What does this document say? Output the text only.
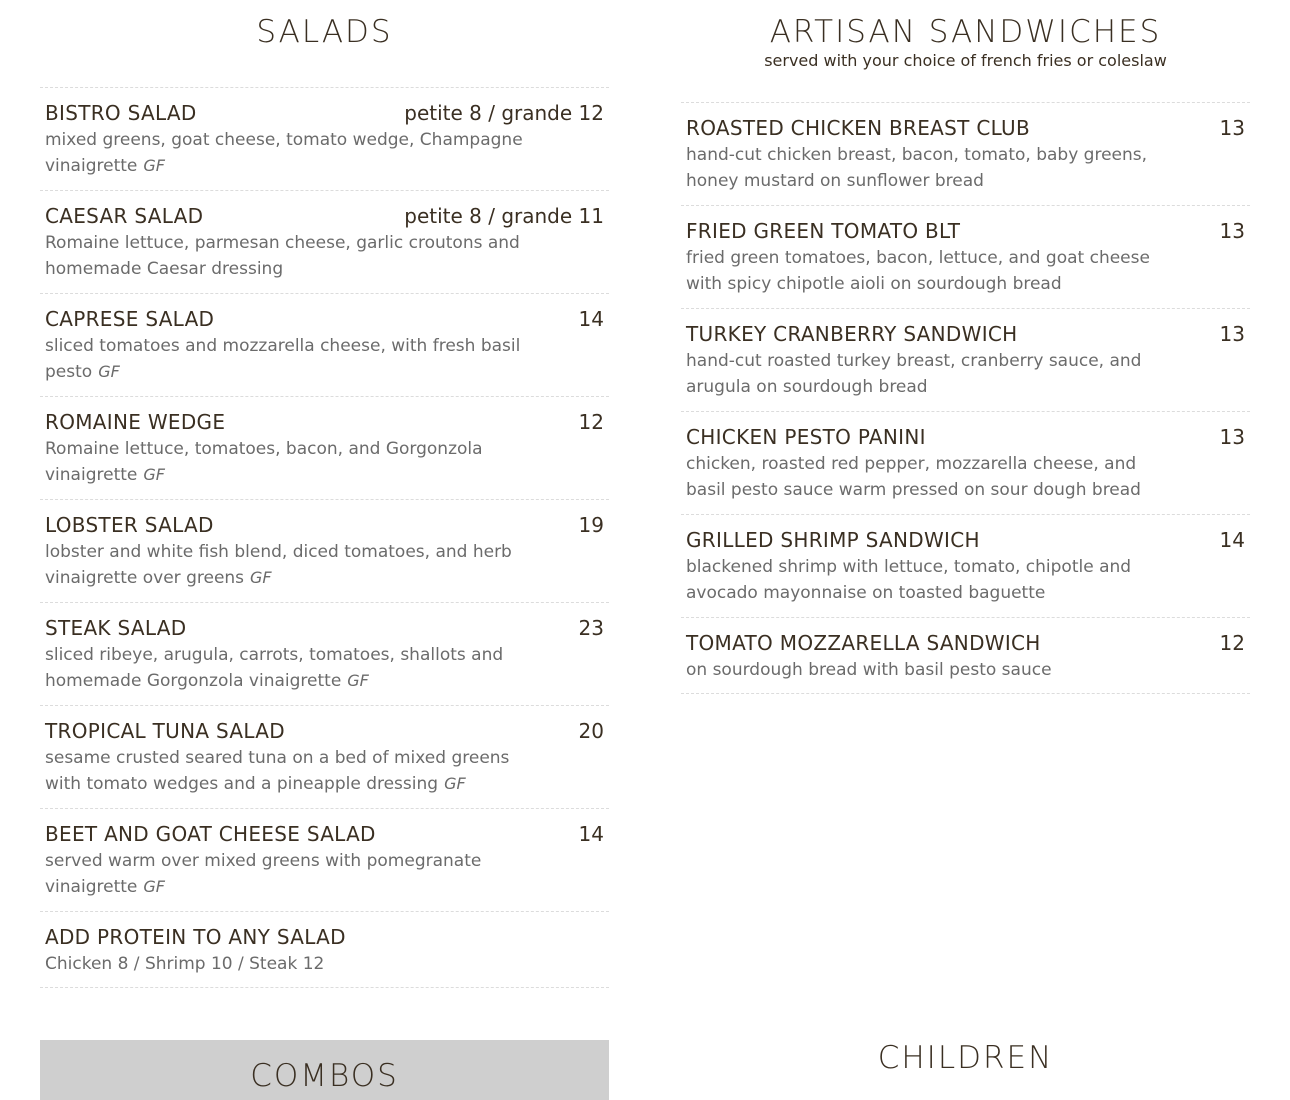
SALADS
BISTRO SALAD	petite 8 / grande 12
mixed greens, goat cheese, tomato wedge, Champagne vinaigrette GF
CAESAR SALAD	petite 8 / grande 11
Romaine lettuce, parmesan cheese, garlic croutons and homemade Caesar dressing
CAPRESE SALAD	14
sliced tomatoes and mozzarella cheese, with fresh basil pesto GF
ROMAINE WEDGE	12
Romaine lettuce, tomatoes, bacon, and Gorgonzola vinaigrette GF
LOBSTER SALAD	19
lobster and white fish blend, diced tomatoes, and herb vinaigrette over greens GF
STEAK SALAD	23
sliced ribeye, arugula, carrots, tomatoes, shallots and homemade Gorgonzola vinaigrette GF
TROPICAL TUNA SALAD	20
sesame crusted seared tuna on a bed of mixed greens with tomato wedges and a pineapple dressing GF
BEET AND GOAT CHEESE SALAD	14
served warm over mixed greens with pomegranate vinaigrette GF
ADD PROTEIN TO ANY SALAD
Chicken 8 / Shrimp 10 / Steak 12
ARTISAN SANDWICHES
served with your choice of french fries or coleslaw
ROASTED CHICKEN BREAST CLUB	13
hand-cut chicken breast, bacon, tomato, baby greens, honey mustard on sunflower bread
FRIED GREEN TOMATO BLT	13
fried green tomatoes, bacon, lettuce, and goat cheese with spicy chipotle aioli on sourdough bread
TURKEY CRANBERRY SANDWICH	13
hand-cut roasted turkey breast, cranberry sauce, and arugula on sourdough bread
CHICKEN PESTO PANINI	13
chicken, roasted red pepper, mozzarella cheese, and basil pesto sauce warm pressed on sour dough bread
GRILLED SHRIMP SANDWICH	14
blackened shrimp with lettuce, tomato, chipotle and avocado mayonnaise on toasted baguette
TOMATO MOZZARELLA SANDWICH	12
on sourdough bread with basil pesto sauce
COMBOS	CHILDREN
